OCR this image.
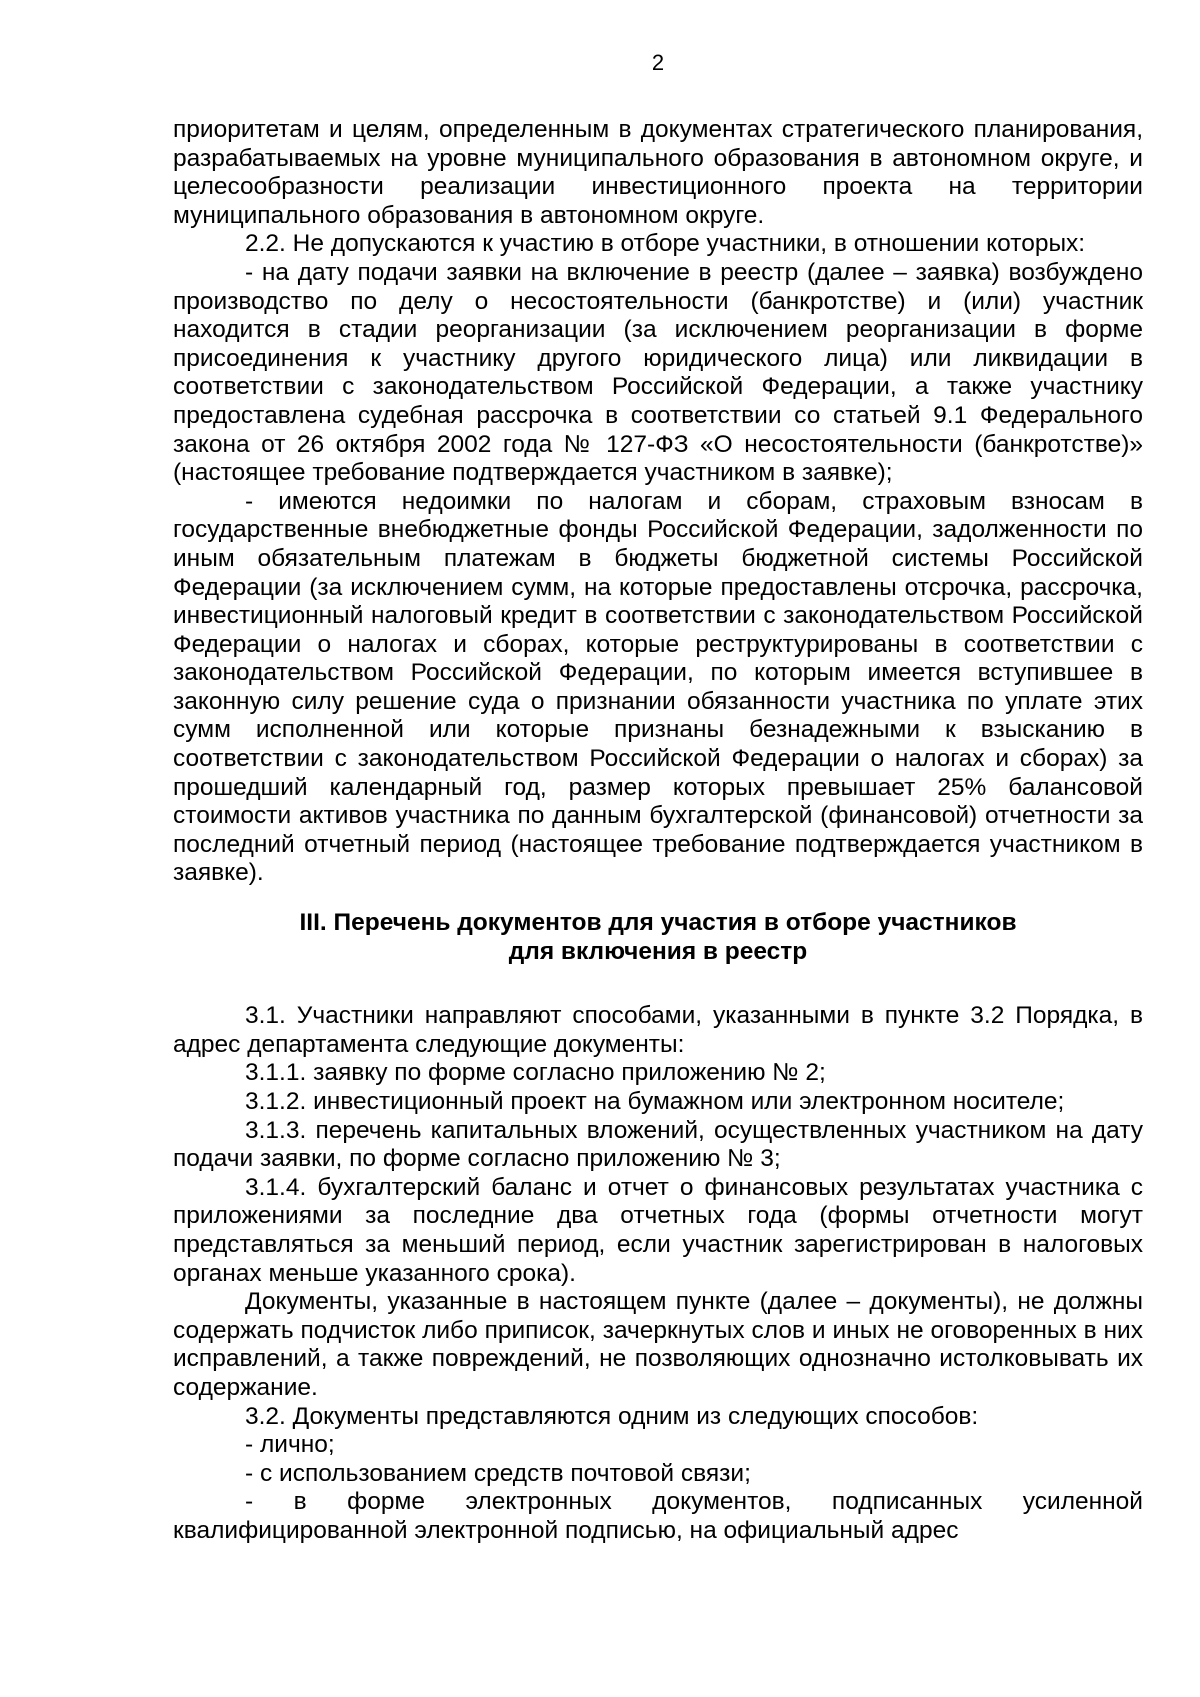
2

приоритетам и целям, определенным в документах стратегического планирования, разрабатываемых на уровне муниципального образования в автономном округе, и целесообразности реализации инвестиционного проекта на территории муниципального образования в автономном округе.

2.2. Не допускаются к участию в отборе участники, в отношении которых:

- на дату подачи заявки на включение в реестр (далее – заявка) возбуждено производство по делу о несостоятельности (банкротстве) и (или) участник находится в стадии реорганизации (за исключением реорганизации в форме присоединения к участнику другого юридического лица) или ликвидации в соответствии с законодательством Российской Федерации, а также участнику предоставлена судебная рассрочка в соответствии со статьей 9.1 Федерального закона от 26 октября 2002 года № 127-ФЗ «О несостоятельности (банкротстве)» (настоящее требование подтверждается участником в заявке);

- имеются недоимки по налогам и сборам, страховым взносам в государственные внебюджетные фонды Российской Федерации, задолженности по иным обязательным платежам в бюджеты бюджетной системы Российской Федерации (за исключением сумм, на которые предоставлены отсрочка, рассрочка, инвестиционный налоговый кредит в соответствии с законодательством Российской Федерации о налогах и сборах, которые реструктурированы в соответствии с законодательством Российской Федерации, по которым имеется вступившее в законную силу решение суда о признании обязанности участника по уплате этих сумм исполненной или которые признаны безнадежными к взысканию в соответствии с законодательством Российской Федерации о налогах и сборах) за прошедший календарный год, размер которых превышает 25% балансовой стоимости активов участника по данным бухгалтерской (финансовой) отчетности за последний отчетный период (настоящее требование подтверждается участником в заявке).

III. Перечень документов для участия в отборе участников
для включения в реестр

3.1. Участники направляют способами, указанными в пункте 3.2 Порядка, в адрес департамента следующие документы:

3.1.1. заявку по форме согласно приложению № 2;

3.1.2. инвестиционный проект на бумажном или электронном носителе;

3.1.3. перечень капитальных вложений, осуществленных участником на дату подачи заявки, по форме согласно приложению № 3;

3.1.4. бухгалтерский баланс и отчет о финансовых результатах участника с приложениями за последние два отчетных года (формы отчетности могут представляться за меньший период, если участник зарегистрирован в налоговых органах меньше указанного срока).

Документы, указанные в настоящем пункте (далее – документы), не должны содержать подчисток либо приписок, зачеркнутых слов и иных не оговоренных в них исправлений, а также повреждений, не позволяющих однозначно истолковывать их содержание.

3.2. Документы представляются одним из следующих способов:

- лично;

- с использованием средств почтовой связи;

- в форме электронных документов, подписанных усиленной квалифицированной электронной подписью, на официальный адрес
